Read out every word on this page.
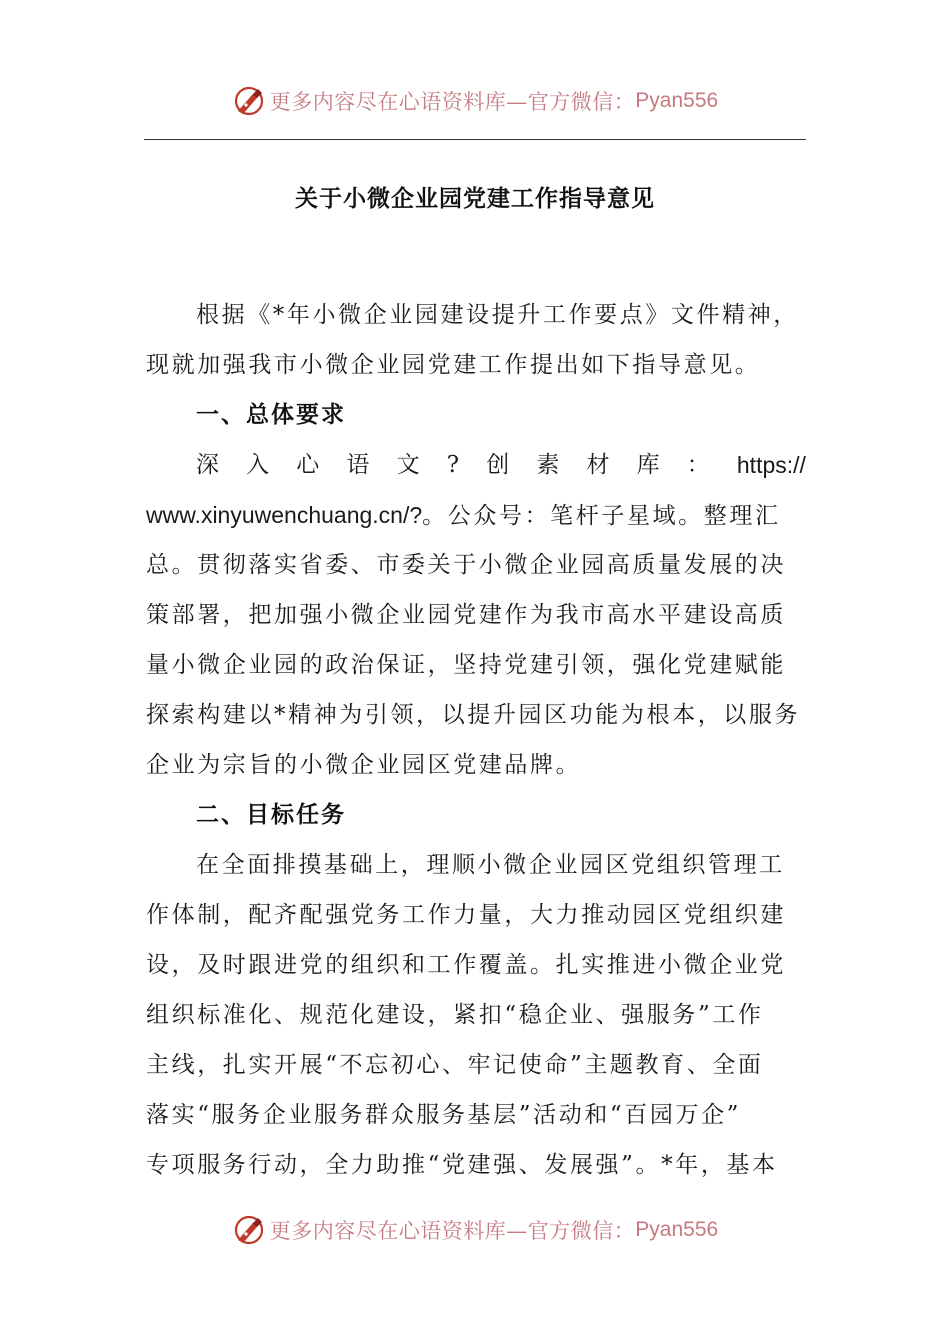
更多内容尽在心语资料库—官方微信： Pyan556
关于小微企业园党建工作指导意见
根据《*年小微企业园建设提升工作要点》文件精神，
现就加强我市小微企业园党建工作提出如下指导意见。
一、总体要求
深 入 心 语 文 ? 创 素 材 库 ： https://
www.xinyuwenchuang.cn/?。公众号：笔杆子星域。整理汇
总。贯彻落实省委、市委关于小微企业园高质量发展的决
策部署，把加强小微企业园党建作为我市高水平建设高质
量小微企业园的政治保证，坚持党建引领，强化党建赋能
探索构建以*精神为引领，以提升园区功能为根本，以服务
企业为宗旨的小微企业园区党建品牌。
二、目标任务
在全面排摸基础上，理顺小微企业园区党组织管理工
作体制，配齐配强党务工作力量，大力推动园区党组织建
设，及时跟进党的组织和工作覆盖。扎实推进小微企业党
组织标准化、规范化建设，紧扣“稳企业、强服务”工作
主线，扎实开展“不忘初心、牢记使命”主题教育、全面
落实“服务企业服务群众服务基层”活动和“百园万企”
专项服务行动，全力助推“党建强、发展强”。*年，基本
更多内容尽在心语资料库—官方微信： Pyan556
